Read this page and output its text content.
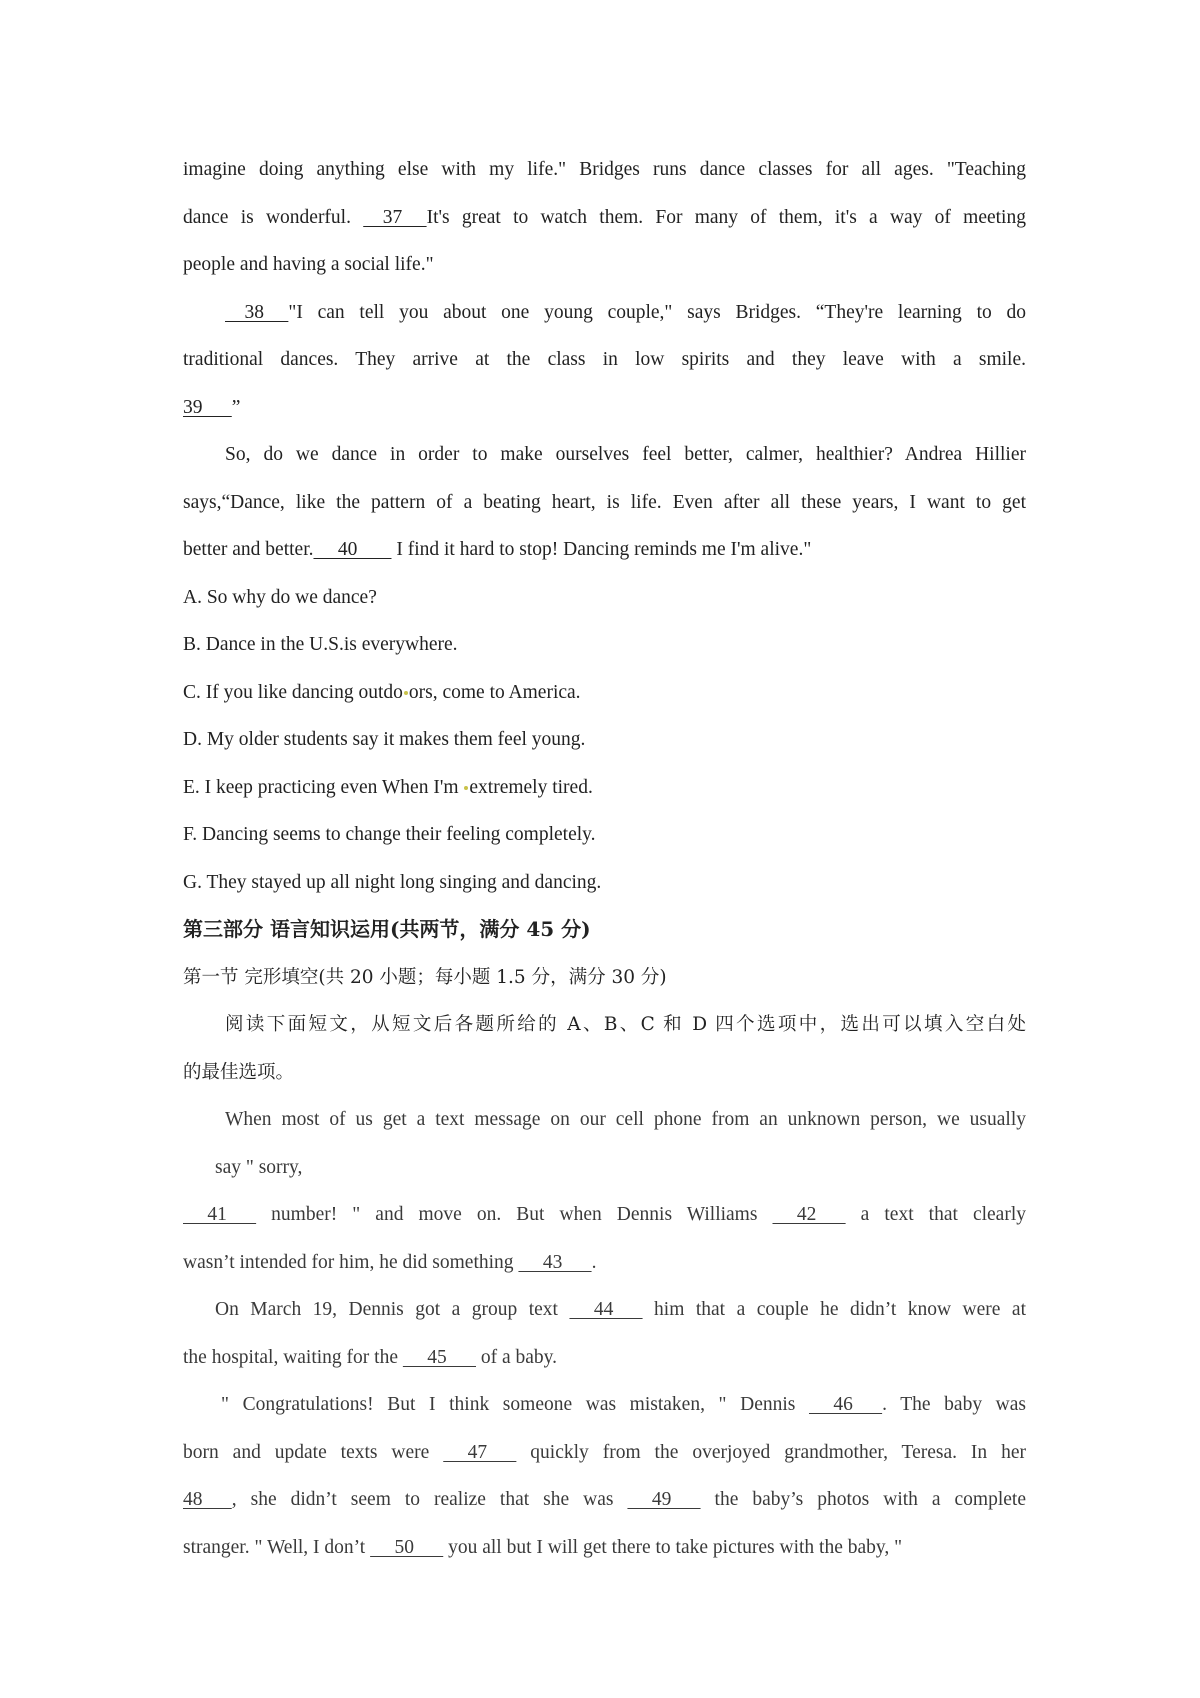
imagine doing anything else with my life." Bridges runs dance classes for all ages. "Teaching
dance is wonderful.     37     It's great to watch them. For many of them, it's a way of meeting
people and having a social life."
38     "I can tell you about one young couple," says Bridges. “They're learning to do
traditional dances. They arrive at the class in low spirits and they leave with a smile.
39      ”
So, do we dance in order to make ourselves feel better, calmer, healthier? Andrea Hillier
says,“Dance, like the pattern of a beating heart, is life. Even after all these years, I want to get
better and better.     40        I find it hard to stop! Dancing reminds me I'm alive."
A. So why do we dance?
B. Dance in the U.S.is everywhere.
C. If you like dancing outdo ors, come to America.
D. My older students say it makes them feel young.
E. I keep practicing even When I'm extremely tired.
F. Dancing seems to change their feeling completely.
G. They stayed up all night long singing and dancing.
第三部分 语言知识运用(共两节，满分 45 分)
第一节 完形填空(共 20 小题；每小题 1.5 分，满分 30 分)
阅读下面短文，从短文后各题所给的 A、B、C 和 D 四个选项中，选出可以填入空白处
的最佳选项。
When most of us get a text message on our cell phone from an unknown person, we usually
say " sorry,
41       number! " and move on. But when Dennis Williams      42       a text that clearly
wasn’t intended for him, he did something      43      .
On March 19, Dennis got a group text      44       him that a couple he didn’t know were at
the hospital, waiting for the      45       of a baby.
" Congratulations! But I think someone was mistaken, " Dennis      46      . The baby was
born and update texts were      47       quickly from the overjoyed grandmother, Teresa. In her
48      , she didn’t seem to realize that she was      49       the baby’s photos with a complete
stranger. " Well, I don’t      50       you all but I will get there to take pictures with the baby, "
